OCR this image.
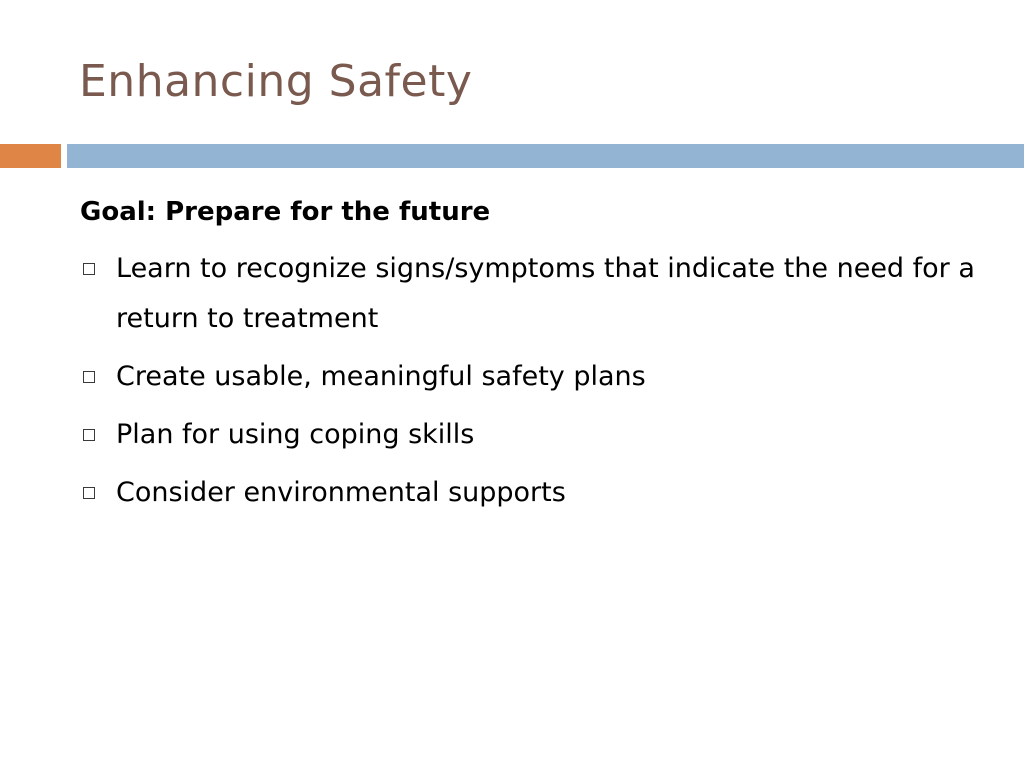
Enhancing Safety
Goal: Prepare for the future
Learn to recognize signs/symptoms that indicate the need for a return to treatment
Create usable, meaningful safety plans
Plan for using coping skills
Consider environmental supports
